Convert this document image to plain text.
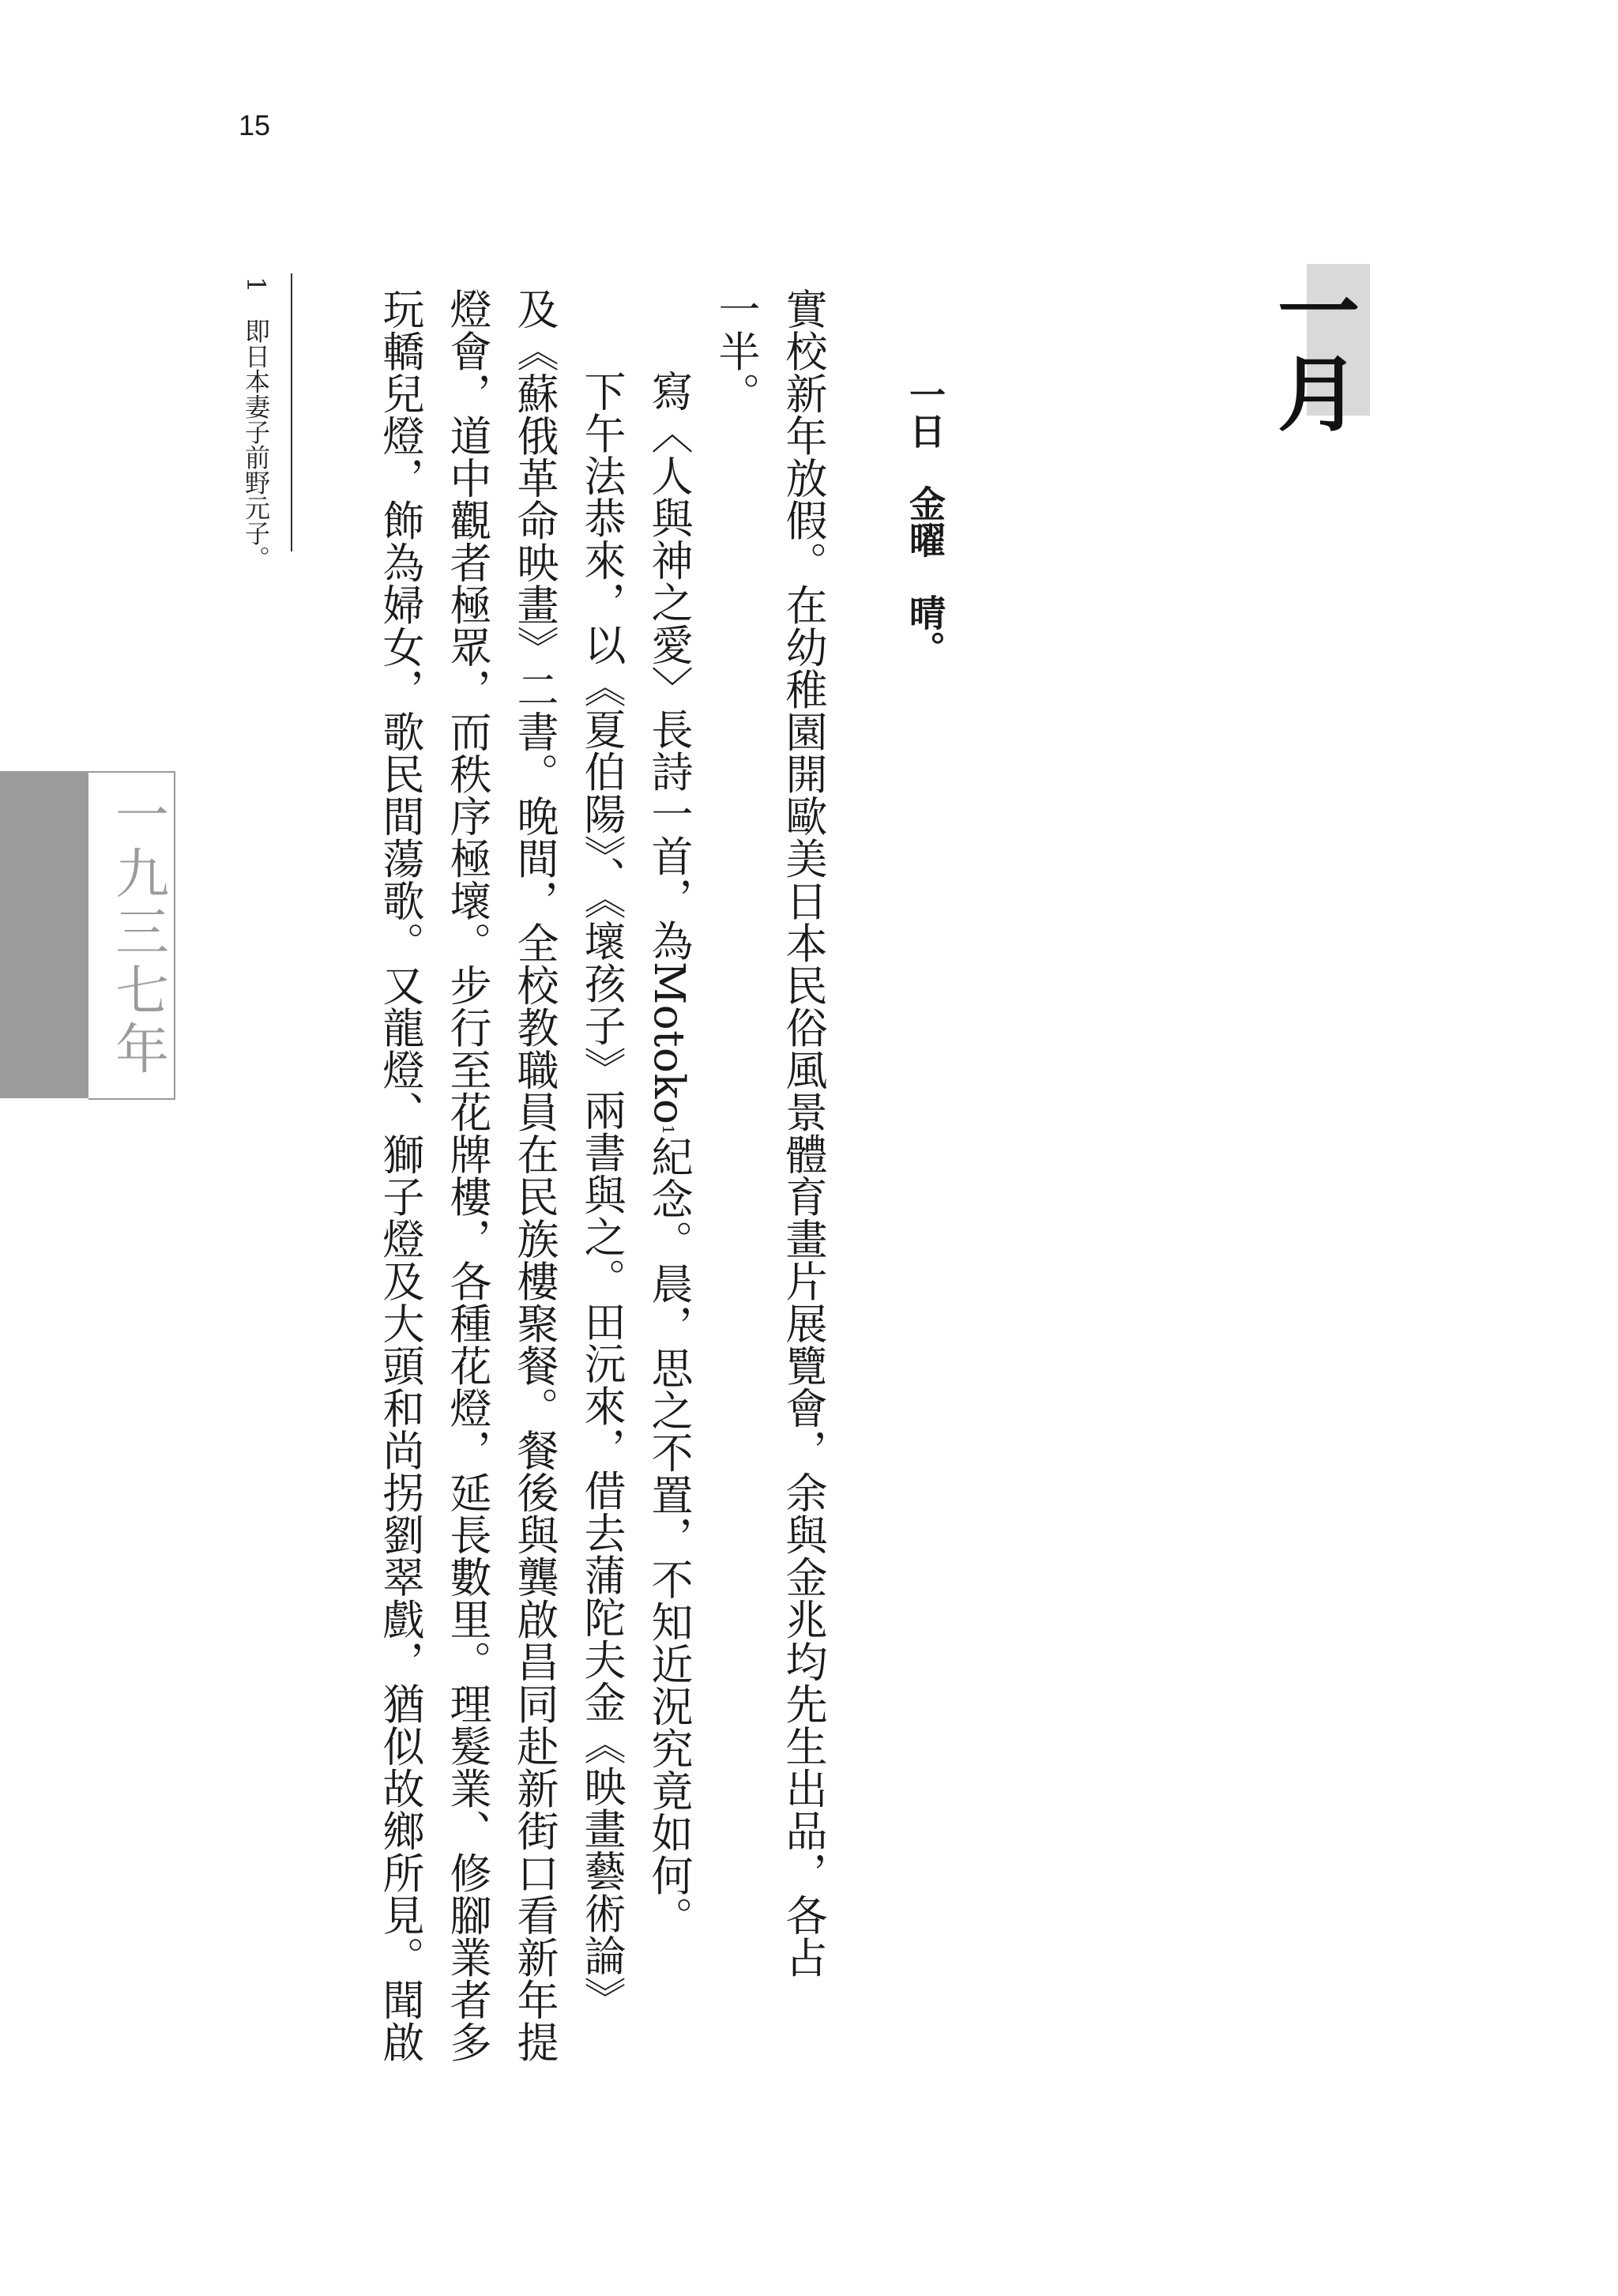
15
一月
一日　金曜　晴。
實校新年放假。在幼稚園開歐美日本民俗風景體育畫片展覽會，余與金兆均先生出品，各占
一半。
寫〈人與神之愛〉長詩一首，為Motoko1紀念。晨，思之不置，不知近況究竟如何。
下午法恭來，以《夏伯陽》、《壞孩子》兩書與之。田沅來，借去蒲陀夫金《映畫藝術論》
及《蘇俄革命映畫》二書。晚間，全校教職員在民族樓聚餐。餐後與龔啟昌同赴新街口看新年提
燈會，道中觀者極眾，而秩序極壞。步行至花牌樓，各種花燈，延長數里。理髮業、修腳業者多
玩轎兒燈，飾為婦女，歌民間蕩歌。又龍燈、獅子燈及大頭和尚拐劉翠戲，猶似故鄉所見。聞啟
1　即日本妻子前野元子。
一九三七年
